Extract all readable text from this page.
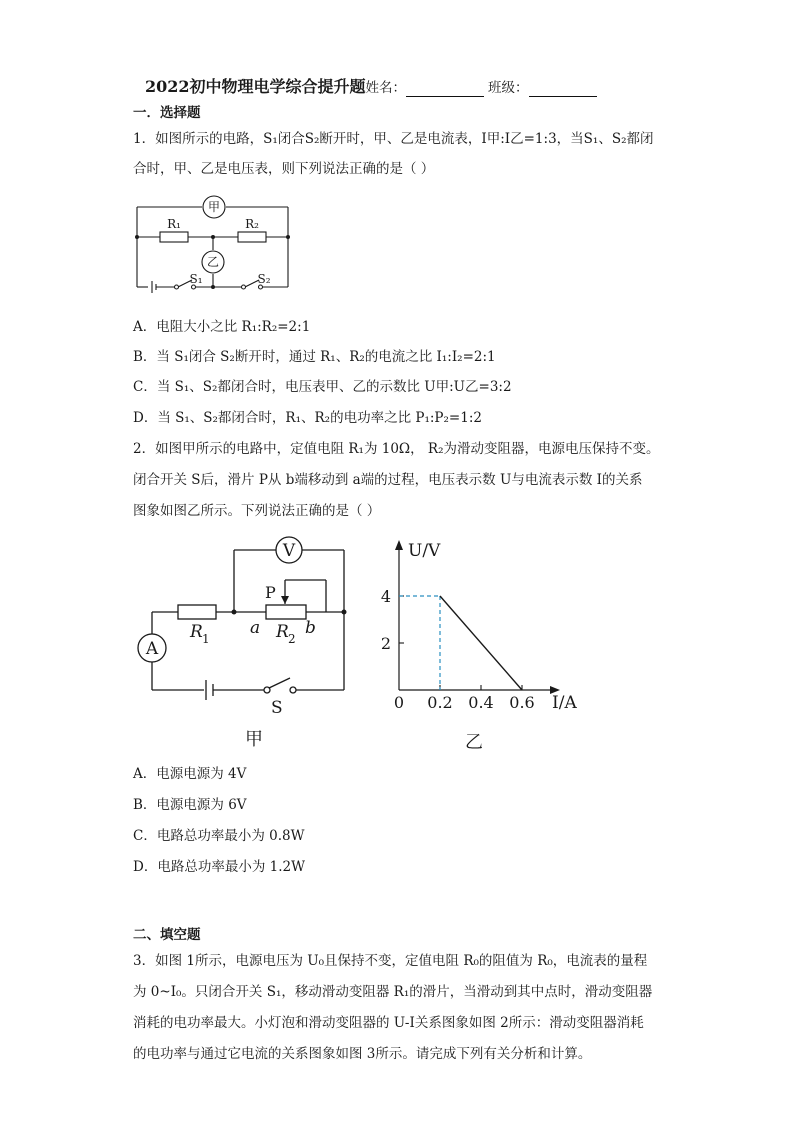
2022初中物理电学综合提升题姓名：	班级：
一．选择题
1．如图所示的电路，S₁闭合S₂断开时，甲、乙是电流表，I甲:I乙=1:3，当S₁、S₂都闭
合时，甲、乙是电压表，则下列说法正确的是（ ）
甲
乙
R₁	R₂
S₁	S₂
A．电阻大小之比 R₁:R₂=2:1
B．当 S₁闭合 S₂断开时，通过 R₁、R₂的电流之比 I₁:I₂=2:1
C．当 S₁、S₂都闭合时，电压表甲、乙的示数比 U甲:U乙=3:2
D．当 S₁、S₂都闭合时，R₁、R₂的电功率之比 P₁:P₂=1:2
2．如图甲所示的电路中，定值电阻 R₁为 10Ω， R₂为滑动变阻器，电源电压保持不变。
闭合开关 S后，滑片 P从 b端移动到 a端的过程，电压表示数 U与电流表示数 I的关系
图象如图乙所示。下列说法正确的是（ ）
V
A
P
R 1	R 2
a	b
S
甲
U/V
I/A
0
乙
0.2 0.4 0.6
2
4
A．电源电源为 4V
B．电源电源为 6V
C．电路总功率最小为 0.8W
D．电路总功率最小为 1.2W
二、填空题
3．如图 1所示，电源电压为 U₀且保持不变，定值电阻 R₀的阻值为 R₀，电流表的量程
为 0~I₀。只闭合开关 S₁，移动滑动变阻器 R₁的滑片，当滑动到其中点时，滑动变阻器
消耗的电功率最大。小灯泡和滑动变阻器的 U-I关系图象如图 2所示：滑动变阻器消耗
的电功率与通过它电流的关系图象如图 3所示。请完成下列有关分析和计算。
